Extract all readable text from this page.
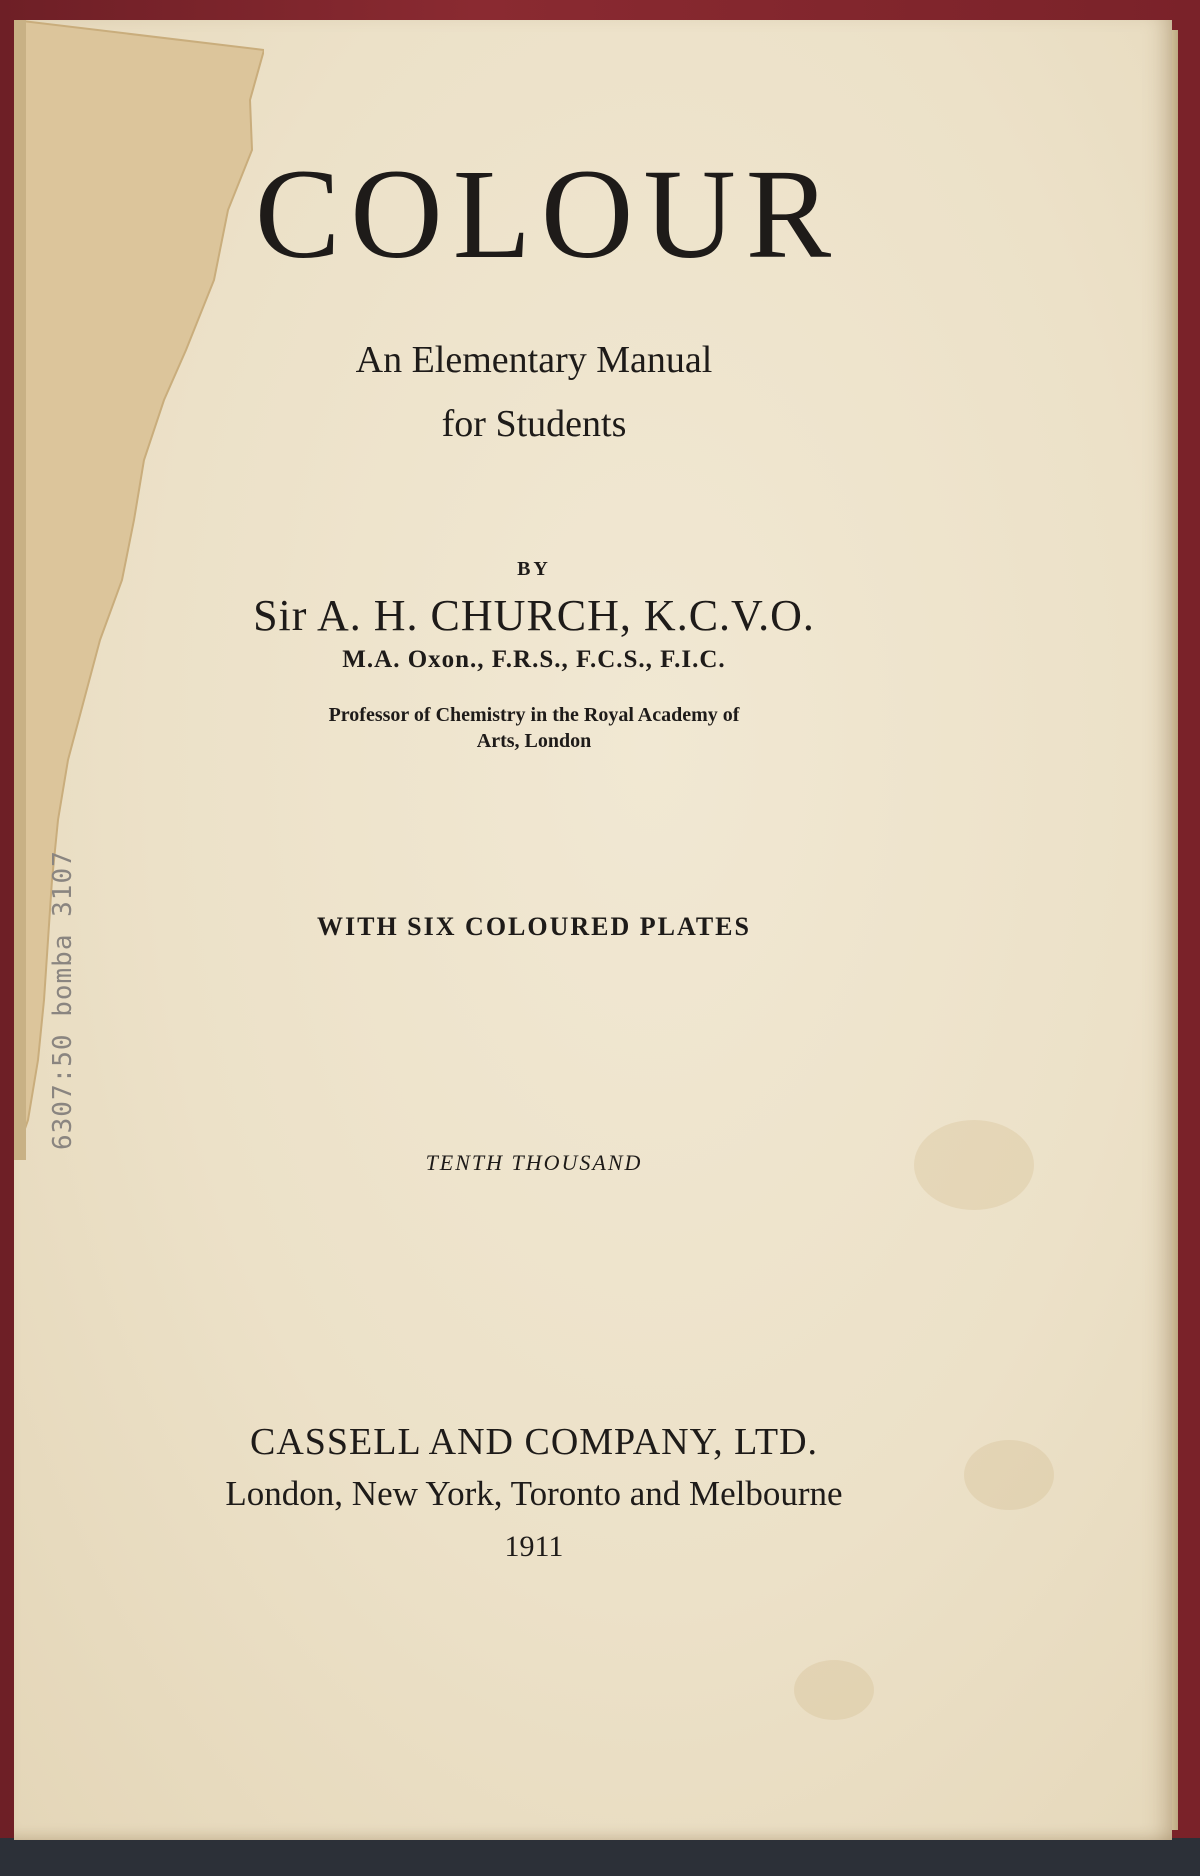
COLOUR
An Elementary Manual
for Students
BY
Sir A. H. CHURCH, K.C.V.O.
M.A. Oxon., F.R.S., F.C.S., F.I.C.
Professor of Chemistry in the Royal Academy of
Arts, London
WITH SIX COLOURED PLATES
TENTH THOUSAND
CASSELL AND COMPANY, LTD.
London, New York, Toronto and Melbourne
1911
6307:50 bomba 3107
